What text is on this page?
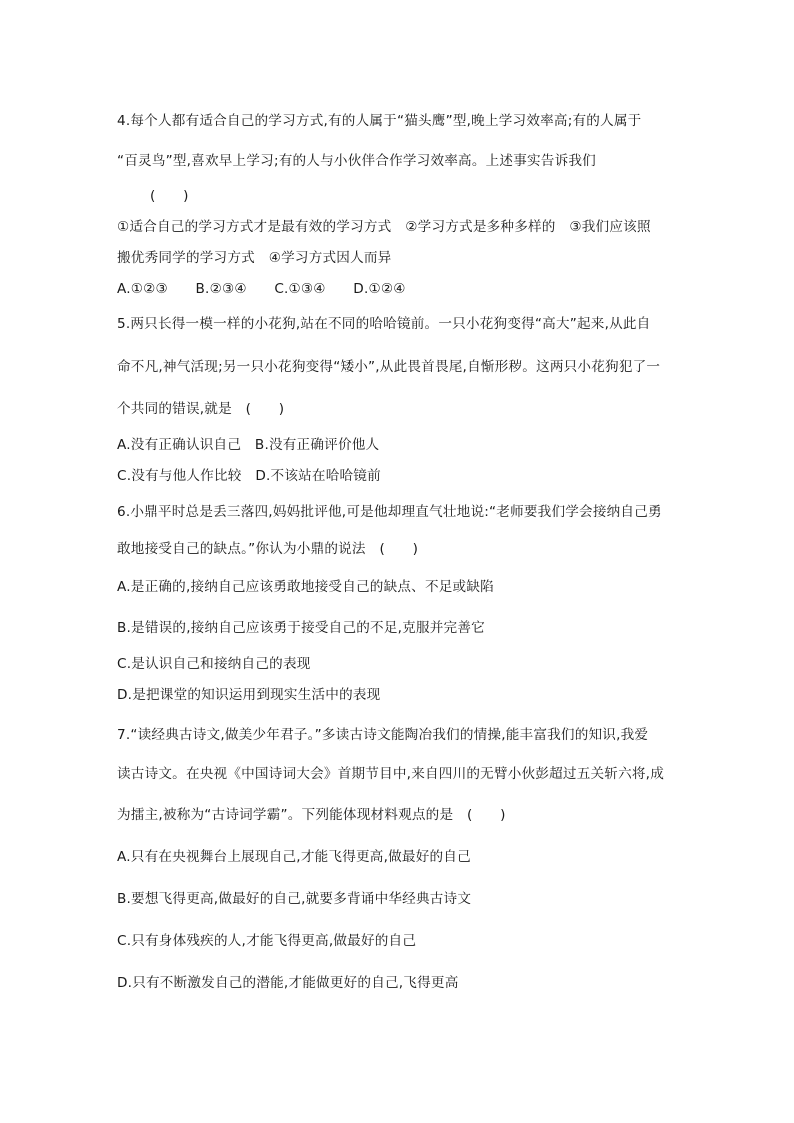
4.每个人都有适合自己的学习方式,有的人属于“猫头鹰”型,晚上学习效率高;有的人属于
“百灵鸟”型,喜欢早上学习;有的人与小伙伴合作学习效率高。上述事实告诉我们
(　　)
①适合自己的学习方式才是最有效的学习方式　②学习方式是多种多样的　③我们应该照
搬优秀同学的学习方式　④学习方式因人而异
A.①②③　　B.②③④　　C.①③④　　D.①②④
5.两只长得一模一样的小花狗,站在不同的哈哈镜前。一只小花狗变得“高大”起来,从此自
命不凡,神气活现;另一只小花狗变得“矮小”,从此畏首畏尾,自惭形秽。这两只小花狗犯了一
个共同的错误,就是　(　　)
A.没有正确认识自己　B.没有正确评价他人
C.没有与他人作比较　D.不该站在哈哈镜前
6.小鼎平时总是丢三落四,妈妈批评他,可是他却理直气壮地说:“老师要我们学会接纳自己勇
敢地接受自己的缺点。”你认为小鼎的说法　(　　)
A.是正确的,接纳自己应该勇敢地接受自己的缺点、不足或缺陷
B.是错误的,接纳自己应该勇于接受自己的不足,克服并完善它
C.是认识自己和接纳自己的表现
D.是把课堂的知识运用到现实生活中的表现
7.“读经典古诗文,做美少年君子。”多读古诗文能陶冶我们的情操,能丰富我们的知识,我爱
读古诗文。在央视《中国诗词大会》首期节目中,来自四川的无臂小伙彭超过五关斩六将,成
为擂主,被称为“古诗词学霸”。下列能体现材料观点的是　(　　)
A.只有在央视舞台上展现自己,才能飞得更高,做最好的自己
B.要想飞得更高,做最好的自己,就要多背诵中华经典古诗文
C.只有身体残疾的人,才能飞得更高,做最好的自己
D.只有不断激发自己的潜能,才能做更好的自己,飞得更高
